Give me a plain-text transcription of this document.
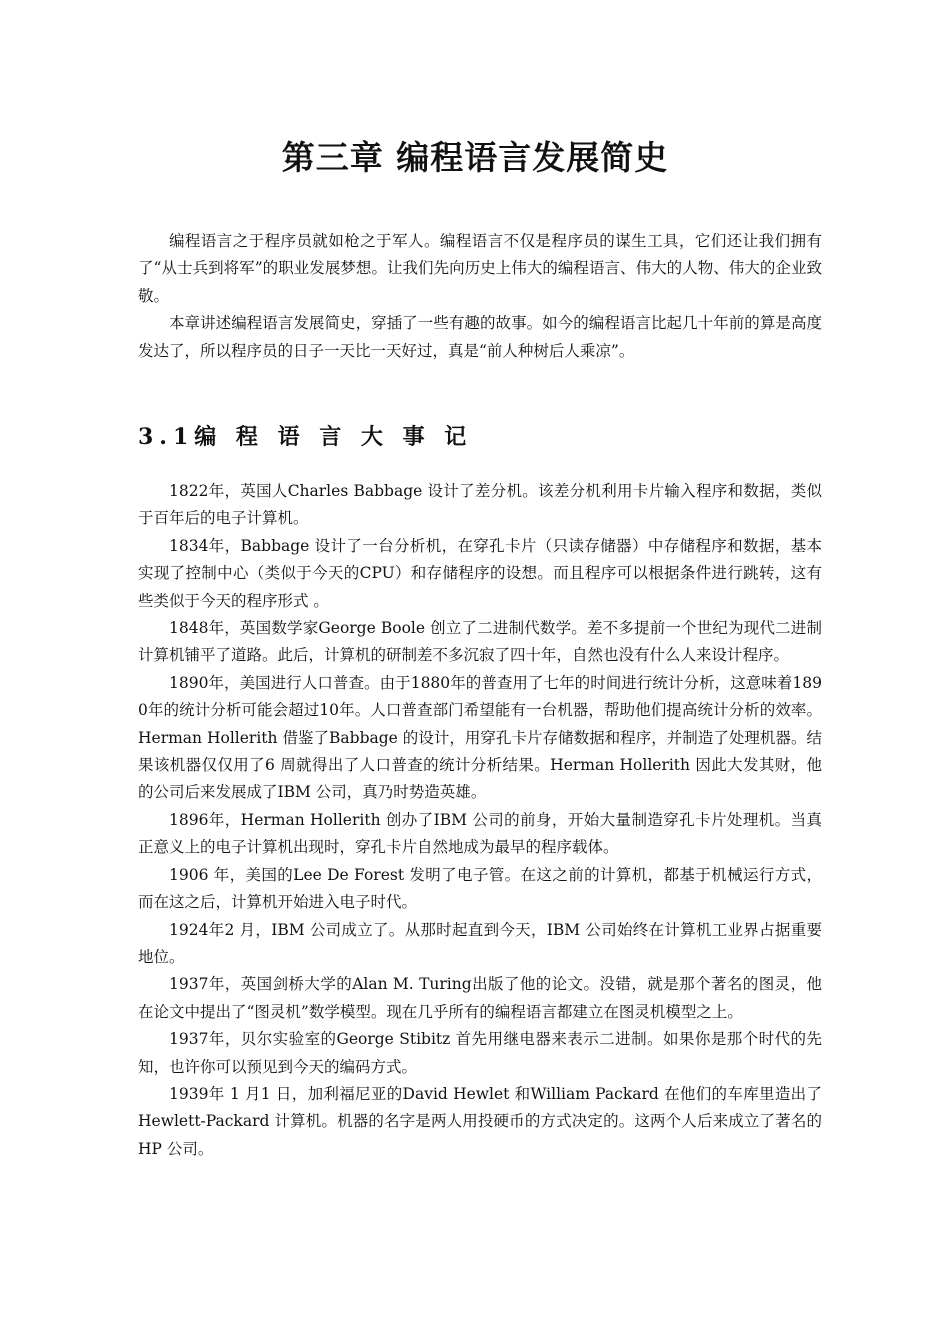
第三章 编程语言发展简史

编程语言之于程序员就如枪之于军人。编程语言不仅是程序员的谋生工具，它们还让我们拥有了“从士兵到将军”的职业发展梦想。让我们先向历史上伟大的编程语言、伟大的人物、伟大的企业致敬。

本章讲述编程语言发展简史，穿插了一些有趣的故事。如今的编程语言比起几十年前的算是高度发达了，所以程序员的日子一天比一天好过，真是“前人种树后人乘凉”。

3.1编 程 语 言 大 事 记

1822年，英国人Charles Babbage 设计了差分机。该差分机利用卡片输入程序和数据，类似于百年后的电子计算机。

1834年，Babbage 设计了一台分析机，在穿孔卡片（只读存储器）中存储程序和数据，基本实现了控制中心（类似于今天的CPU）和存储程序的设想。而且程序可以根据条件进行跳转，这有些类似于今天的程序形式 。

1848年，英国数学家George Boole 创立了二进制代数学。差不多提前一个世纪为现代二进制计算机铺平了道路。此后，计算机的研制差不多沉寂了四十年，自然也没有什么人来设计程序。

1890年，美国进行人口普查。由于1880年的普查用了七年的时间进行统计分析，这意味着1890年的统计分析可能会超过10年。人口普查部门希望能有一台机器，帮助他们提高统计分析的效率。Herman Hollerith 借鉴了Babbage 的设计，用穿孔卡片存储数据和程序，并制造了处理机器。结果该机器仅仅用了6 周就得出了人口普查的统计分析结果。Herman Hollerith 因此大发其财，他的公司后来发展成了IBM 公司，真乃时势造英雄。

1896年，Herman Hollerith 创办了IBM 公司的前身，开始大量制造穿孔卡片处理机。当真正意义上的电子计算机出现时，穿孔卡片自然地成为最早的程序载体。

1906 年，美国的Lee De Forest 发明了电子管。在这之前的计算机，都基于机械运行方式，而在这之后，计算机开始进入电子时代。

1924年2 月，IBM 公司成立了。从那时起直到今天，IBM 公司始终在计算机工业界占据重要地位。

1937年，英国剑桥大学的Alan M. Turing出版了他的论文。没错，就是那个著名的图灵，他在论文中提出了“图灵机”数学模型。现在几乎所有的编程语言都建立在图灵机模型之上。

1937年，贝尔实验室的George Stibitz 首先用继电器来表示二进制。如果你是那个时代的先知，也许你可以预见到今天的编码方式。

1939年 1 月1 日，加利福尼亚的David Hewlet 和William Packard 在他们的车库里造出了Hewlett-Packard 计算机。机器的名字是两人用投硬币的方式决定的。这两个人后来成立了著名的HP 公司。
